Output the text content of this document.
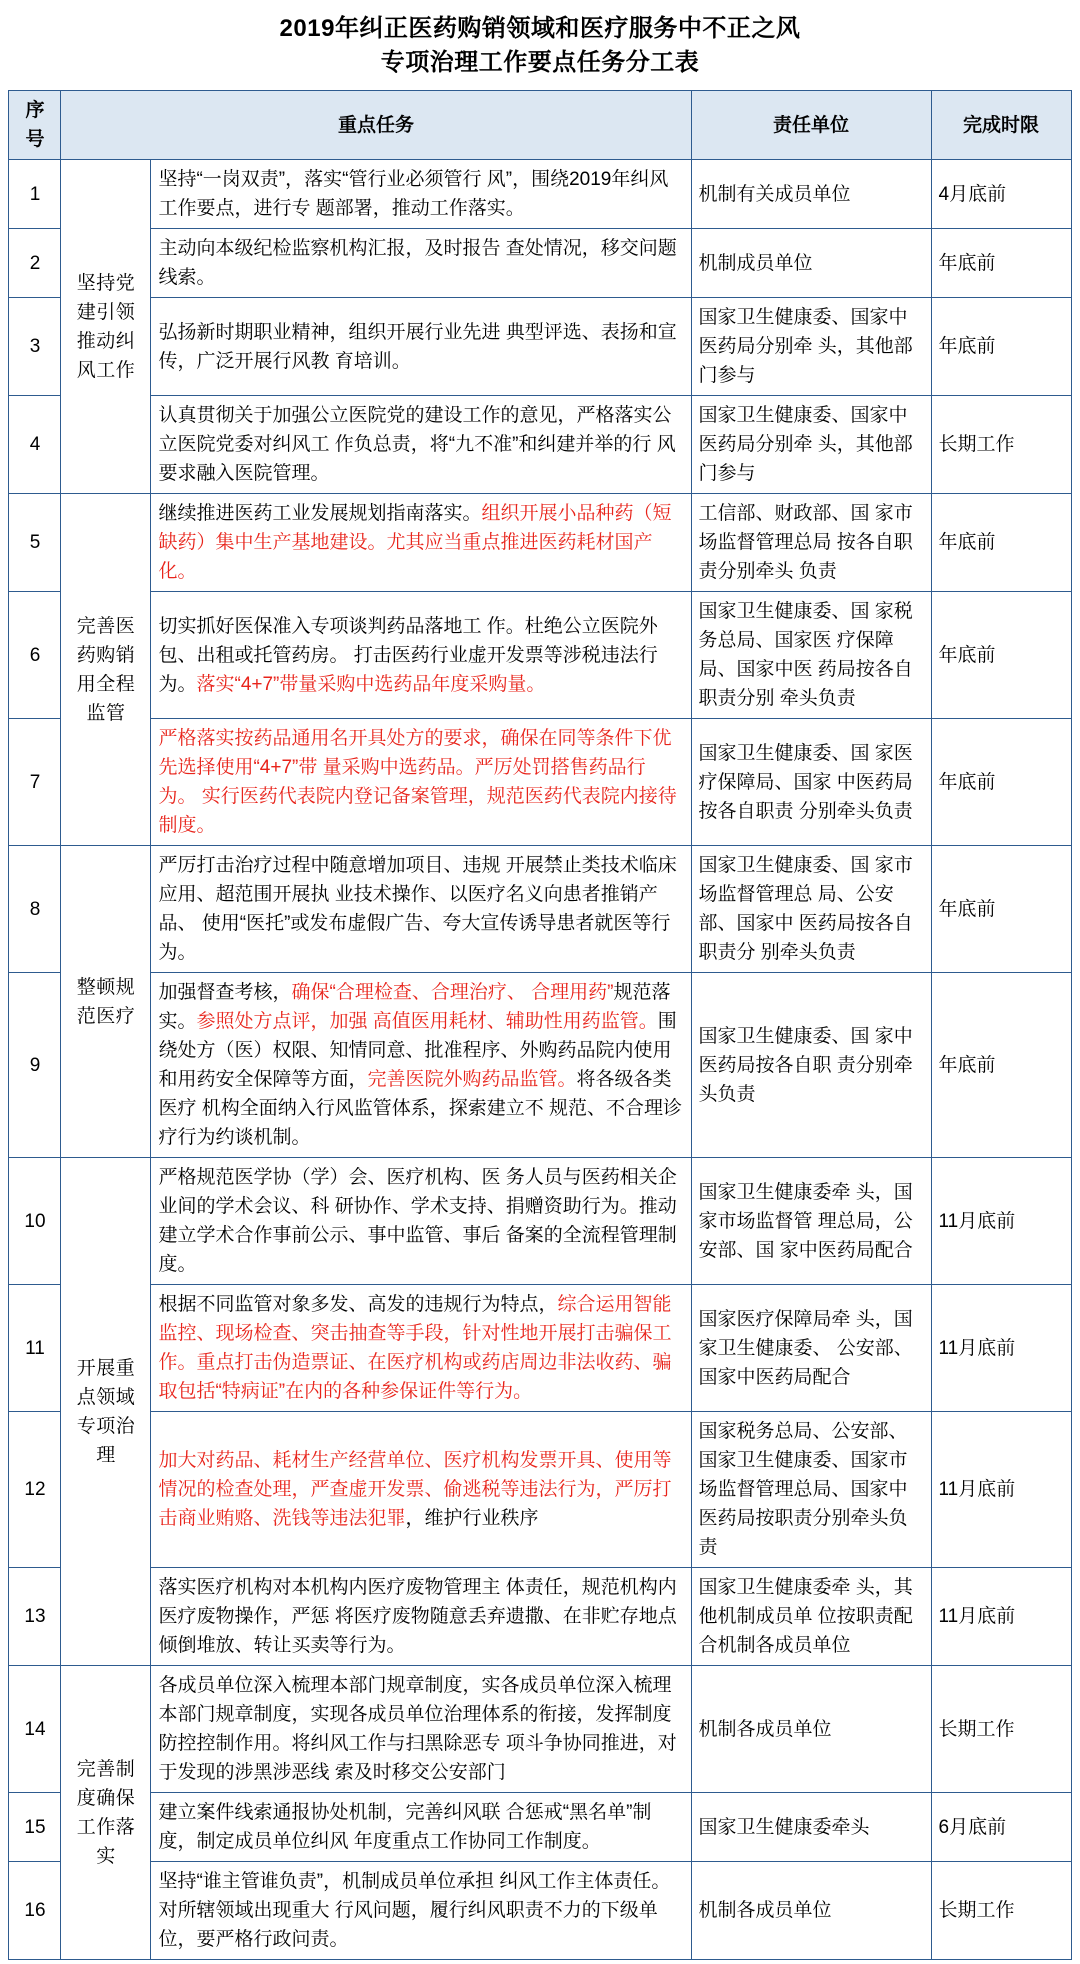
2019年纠正医药购销领域和医疗服务中不正之风
专项治理工作要点任务分工表
序号	重点任务		责任单位	完成时限
1	坚持党建引领推动纠风工作	坚持“一岗双责”，落实“管行业必须管行 风”，围绕2019年纠风工作要点，进行专 题部署，推动工作落实。	机制有关成员单位	4月底前
2		主动向本级纪检监察机构汇报，及时报告 查处情况，移交问题线索。	机制成员单位	年底前
3		弘扬新时期职业精神，组织开展行业先进 典型评选、表扬和宣传，广泛开展行风教 育培训。	国家卫生健康委、国家中医药局分别牵 头，其他部门参与	年底前
4		认真贯彻关于加强公立医院党的建设工作的意见，严格落实公立医院党委对纠风工 作负总责，将“九不准”和纠建并举的行 风要求融入医院管理。	国家卫生健康委、国家中医药局分别牵 头，其他部门参与	长期工作
5	完善医药购销用全程监管	继续推进医药工业发展规划指南落实。组织开展小品种药（短缺药）集中生产基地建设。尤其应当重点推进医药耗材国产化。	工信部、财政部、国 家市场监督管理总局 按各自职责分别牵头 负责	年底前
6		切实抓好医保准入专项谈判药品落地工 作。杜绝公立医院外包、出租或托管药房。 打击医药行业虚开发票等涉税违法行为。落实“4+7”带量采购中选药品年度采购量。	国家卫生健康委、国 家税务总局、国家医 疗保障局、国家中医 药局按各自职责分别 牵头负责	年底前
7		严格落实按药品通用名开具处方的要求，确保在同等条件下优先选择使用“4+7”带 量采购中选药品。严厉处罚搭售药品行为。 实行医药代表院内登记备案管理，规范医药代表院内接待制度。	国家卫生健康委、国 家医疗保障局、国家 中医药局按各自职责 分别牵头负责	年底前
8	整顿规范医疗	严厉打击治疗过程中随意增加项目、违规 开展禁止类技术临床应用、超范围开展执 业技术操作、以医疗名义向患者推销产品、 使用“医托”或发布虚假广告、夸大宣传诱导患者就医等行为。	国家卫生健康委、国 家市场监督管理总 局、公安部、国家中 医药局按各自职责分 别牵头负责	年底前
9		加强督查考核，确保“合理检查、合理治疗、 合理用药”规范落实。参照处方点评，加强 高值医用耗材、辅助性用药监管。围绕处方（医）权限、知情同意、批准程序、外购药品院内使用和用药安全保障等方面，完善医院外购药品监管。将各级各类医疗 机构全面纳入行风监管体系，探索建立不 规范、不合理诊疗行为约谈机制。	国家卫生健康委、国 家中医药局按各自职 责分别牵头负责	年底前
10	开展重点领域专项治理	严格规范医学协（学）会、医疗机构、医 务人员与医药相关企业间的学术会议、科 研协作、学术支持、捐赠资助行为。推动 建立学术合作事前公示、事中监管、事后 备案的全流程管理制度。	国家卫生健康委牵 头，国家市场监督管 理总局，公安部、国 家中医药局配合	11月底前
11		根据不同监管对象多发、高发的违规行为特点，综合运用智能监控、现场检查、突击抽查等手段，针对性地开展打击骗保工作。重点打击伪造票证、在医疗机构或药店周边非法收药、骗取包括“特病证”在内的各种参保证件等行为。	国家医疗保障局牵 头，国家卫生健康委、 公安部、国家中医药局配合	11月底前
12		加大对药品、耗材生产经营单位、医疗机构发票开具、使用等情况的检查处理，严查虚开发票、偷逃税等违法行为，严厉打击商业贿赂、洗钱等违法犯罪，维护行业秩序	国家税务总局、公安部、国家卫生健康委、国家市场监督管理总局、国家中医药局按职责分别牵头负责	11月底前
13		落实医疗机构对本机构内医疗废物管理主 体责任，规范机构内医疗废物操作，严惩 将医疗废物随意丢弃遗撒、在非贮存地点 倾倒堆放、转让买卖等行为。	国家卫生健康委牵 头，其他机制成员单 位按职责配合机制各成员单位	11月底前
14	完善制度确保工作落实	各成员单位深入梳理本部门规章制度，实各成员单位深入梳理本部门规章制度，实现各成员单位治理体系的衔接，发挥制度 防控控制作用。将纠风工作与扫黑除恶专 项斗争协同推进，对于发现的涉黑涉恶线 索及时移交公安部门	机制各成员单位	长期工作
15		建立案件线索通报协处机制，完善纠风联 合惩戒“黑名单”制度，制定成员单位纠风 年度重点工作协同工作制度。	国家卫生健康委牵头	6月底前
16		坚持“谁主管谁负责”，机制成员单位承担 纠风工作主体责任。对所辖领域出现重大 行风问题，履行纠风职责不力的下级单位，要严格行政问责。	机制各成员单位	长期工作
